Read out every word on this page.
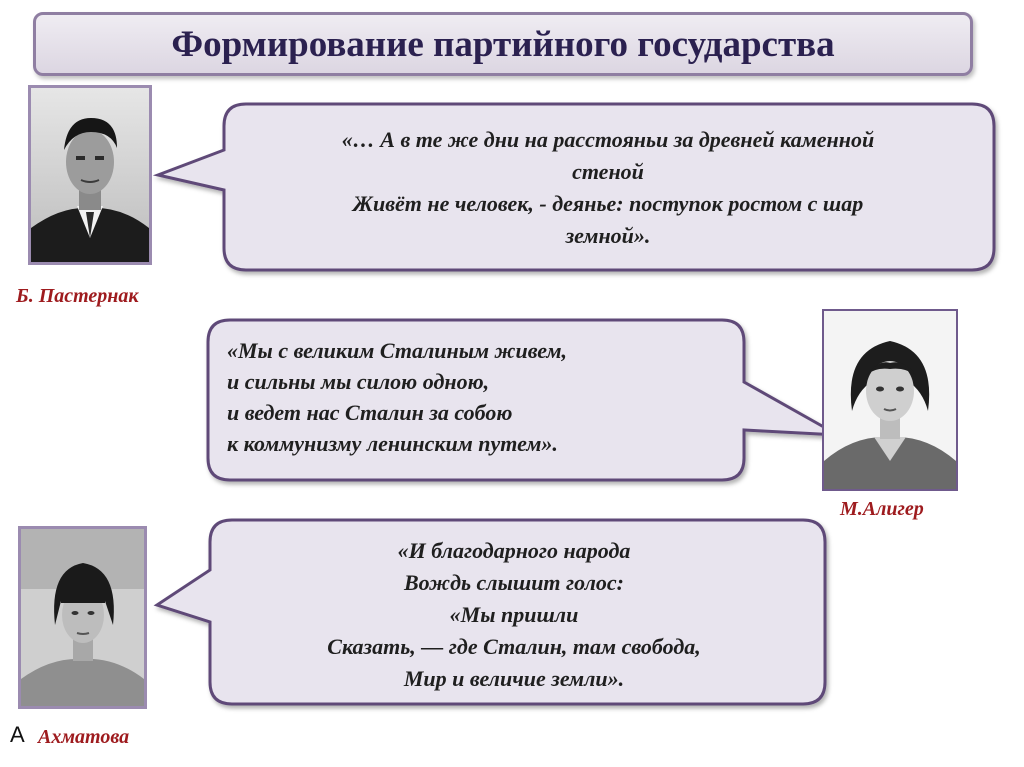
Формирование партийного государства
«… А в те же дни на расстояньи за древней каменной
стеной
Живёт не человек, - деянье: поступок ростом с шар
земной».
«Мы с великим Сталиным живем,
и сильны мы силою одною,
и ведет нас Сталин за собою
к коммунизму ленинским путем».
«И благодарного народа
Вождь слышит голос:
«Мы пришли
Сказать, — где Сталин, там свобода,
Мир и величие земли».
Б. Пастернак
М.Алигер
А Ахматова
